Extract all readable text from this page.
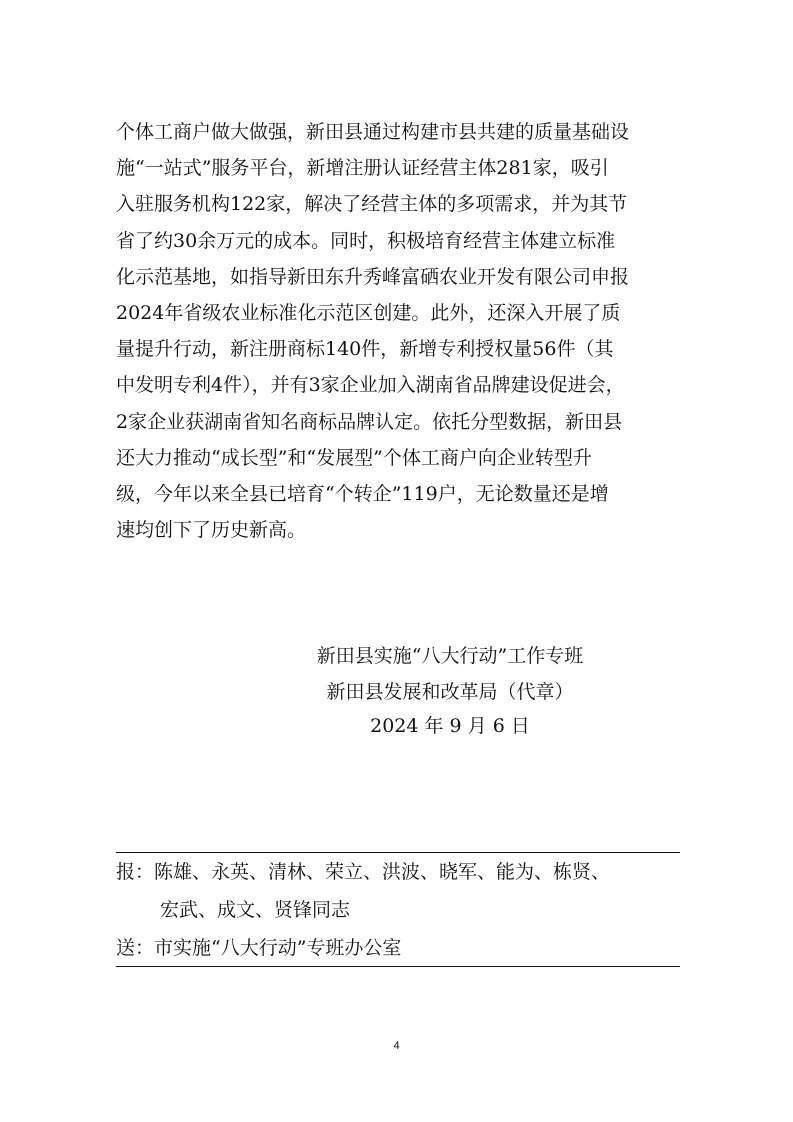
个体工商户做大做强，新田县通过构建市县共建的质量基础设
施“一站式”服务平台，新增注册认证经营主体281家，吸引
入驻服务机构122家，解决了经营主体的多项需求，并为其节
省了约30余万元的成本。同时，积极培育经营主体建立标准
化示范基地，如指导新田东升秀峰富硒农业开发有限公司申报
2024年省级农业标准化示范区创建。此外，还深入开展了质
量提升行动，新注册商标140件，新增专利授权量56件（其
中发明专利4件），并有3家企业加入湖南省品牌建设促进会，
2家企业获湖南省知名商标品牌认定。依托分型数据，新田县
还大力推动“成长型”和“发展型”个体工商户向企业转型升
级，今年以来全县已培育“个转企”119户，无论数量还是增
速均创下了历史新高。
新田县实施“八大行动”工作专班
新田县发展和改革局（代章）
2024 年 9 月 6 日
报：陈雄、永英、清林、荣立、洪波、晓军、能为、栋贤、
宏武、成文、贤锋同志
送：市实施“八大行动”专班办公室
4
